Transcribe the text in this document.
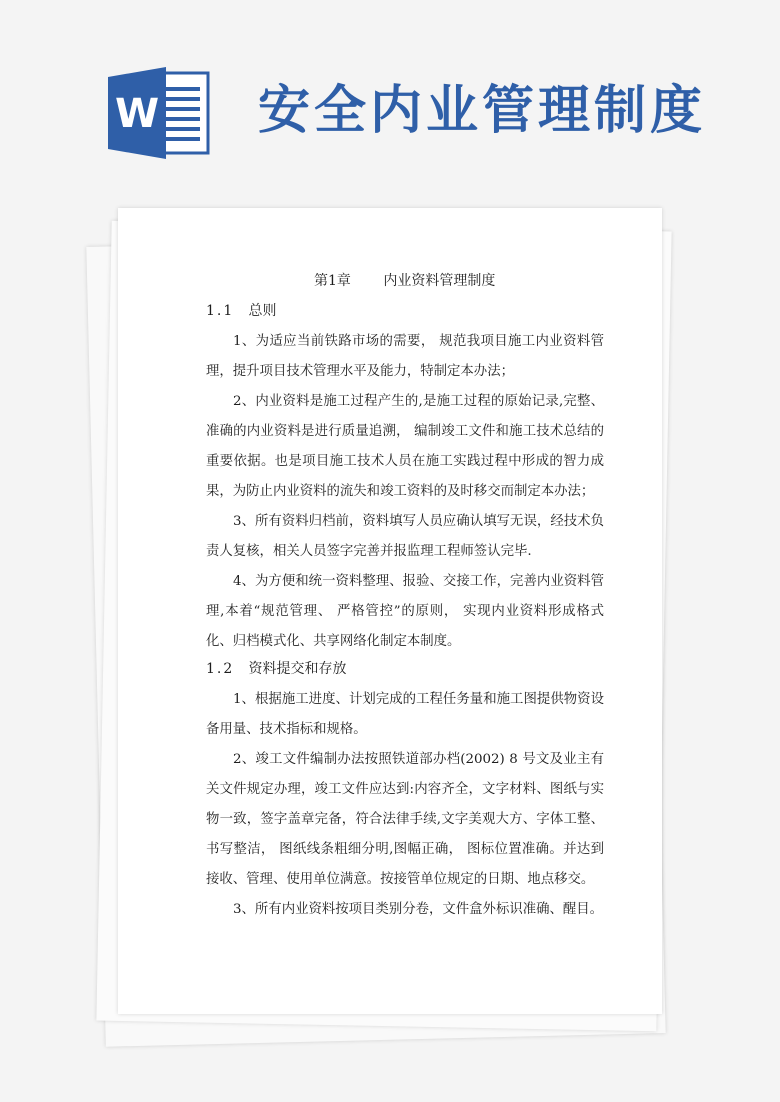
W 安全内业管理制度
第1章 内业资料管理制度
1.1 总则

1、为适应当前铁路市场的需要， 规范我项目施工内业资料管理，提升项目技术管理水平及能力，特制定本办法；

2、内业资料是施工过程产生的,是施工过程的原始记录,完整、准确的内业资料是进行质量追溯， 编制竣工文件和施工技术总结的重要依据。也是项目施工技术人员在施工实践过程中形成的智力成果，为防止内业资料的流失和竣工资料的及时移交而制定本办法；

3、所有资料归档前，资料填写人员应确认填写无误，经技术负责人复核，相关人员签字完善并报监理工程师签认完毕.

4、为方便和统一资料整理、报验、交接工作，完善内业资料管理,本着“规范管理、 严格管控”的原则， 实现内业资料形成格式化、归档模式化、共享网络化制定本制度。

1.2 资料提交和存放

1、根据施工进度、计划完成的工程任务量和施工图提供物资设备用量、技术指标和规格。

2、竣工文件编制办法按照铁道部办档(2002) 8 号文及业主有关文件规定办理，竣工文件应达到:内容齐全，文字材料、图纸与实物一致，签字盖章完备，符合法律手续,文字美观大方、字体工整、书写整洁， 图纸线条粗细分明,图幅正确， 图标位置准确。并达到接收、管理、使用单位满意。按接管单位规定的日期、地点移交。

3、所有内业资料按项目类别分卷，文件盒外标识准确、醒目。
